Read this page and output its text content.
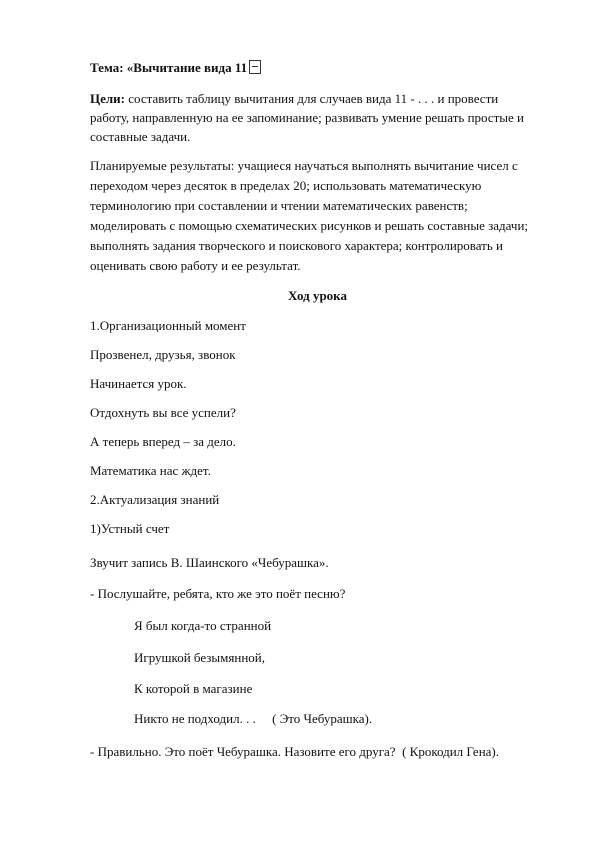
Тема: «Вычитание вида 11
Цели: составить таблицу вычитания для случаев вида 11 - . . . и провести
работу, направленную на ее запоминание; развивать умение решать простые и
составные задачи.
Планируемые результаты: учащиеся научаться выполнять вычитание чисел с
переходом через десяток в пределах 20; использовать математическую
терминологию при составлении и чтении математических равенств;
моделировать с помощью схематических рисунков и решать составные задачи;
выполнять задания творческого и поискового характера; контролировать и
оценивать свою работу и ее результат.
Ход урока
1.Организационный момент
Прозвенел, друзья, звонок
Начинается урок.
Отдохнуть вы все успели?
А теперь вперед – за дело.
Математика нас ждет.
2.Актуализация знаний
1)Устный счет
Звучит запись В. Шаинского «Чебурашка».
- Послушайте, ребята, кто же это поёт песню?
Я был когда-то странной
Игрушкой безымянной,
К которой в магазине
Никто не подходил. . .     ( Это Чебурашка).
- Правильно. Это поёт Чебурашка. Назовите его друга?  ( Крокодил Гена).
